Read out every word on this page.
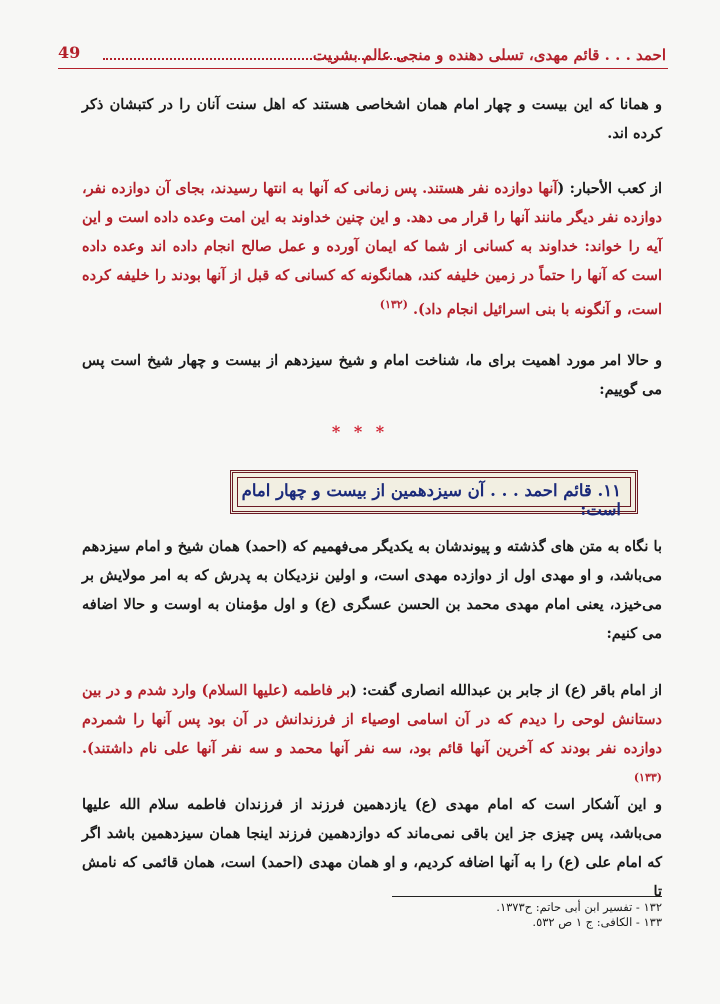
احمد . . . قائم مهدی، تسلی دهنده و منجی عالم بشریت
49
و همانا که این بیست و چهار امام همان اشخاصی هستند که اهل سنت آنان را در کتبشان ذکر کرده اند.
از کعب الأحبار: (آنها دوازده نفر هستند. پس زمانی که آنها به انتها رسیدند، بجای آن دوازده نفر، دوازده نفر دیگر مانند آنها را قرار می دهد. و این چنین خداوند به این امت وعده داده است و این آیه را خواند: خداوند به کسانی از شما که ایمان آورده و عمل صالح انجام داده اند وعده داده است که آنها را حتماً در زمین خلیفه کند، همانگونه که کسانی که قبل از آنها بودند را خلیفه کرده است، و آنگونه با بنی اسرائیل انجام داد). $^{(١٣٢)}$
و حالا امر مورد اهمیت برای ما، شناخت امام و شیخ سیزدهم از بیست و چهار شیخ است پس می گوییم:
* * *
١١. قائم احمد . . . آن سیزدهمین از بیست و چهار امام است:
با نگاه به متن های گذشته و پیوندشان به یکدیگر می‌فهمیم که (احمد) همان شیخ و امام سیزدهم می‌باشد، و او مهدی اول از دوازده مهدی است، و اولین نزدیکان به پدرش که به امر مولایش بر می‌خیزد، یعنی امام مهدی محمد بن الحسن عسگری (ع) و اول مؤمنان به اوست و حالا اضافه می کنیم:
از امام باقر (ع) از جابر بن عبدالله انصاری گفت: (بر فاطمه (علیها السلام) وارد شدم و در بین دستانش لوحی را دیدم که در آن اسامی اوصیاء از فرزندانش در آن بود پس آنها را شمردم دوازده نفر بودند که آخرین آنها قائم بود، سه نفر آنها محمد و سه نفر آنها علی نام داشتند). $^{(١٣٣)}$
و این آشکار است که امام مهدی (ع) یازدهمین فرزند از فرزندان فاطمه سلام الله علیها می‌باشد، پس چیزی جز این باقی نمی‌ماند که دوازدهمین فرزند اینجا همان سیزدهمین باشد اگر که امام علی (ع) را به آنها اضافه کردیم، و او همان مهدی (احمد) است، همان قائمی که نامش تا
١٣٢ - تفسیر ابن أبی حاتم: ح١٣٧٣.
١٣٣ - الکافی: ج ١ ص ٥٣٢.
